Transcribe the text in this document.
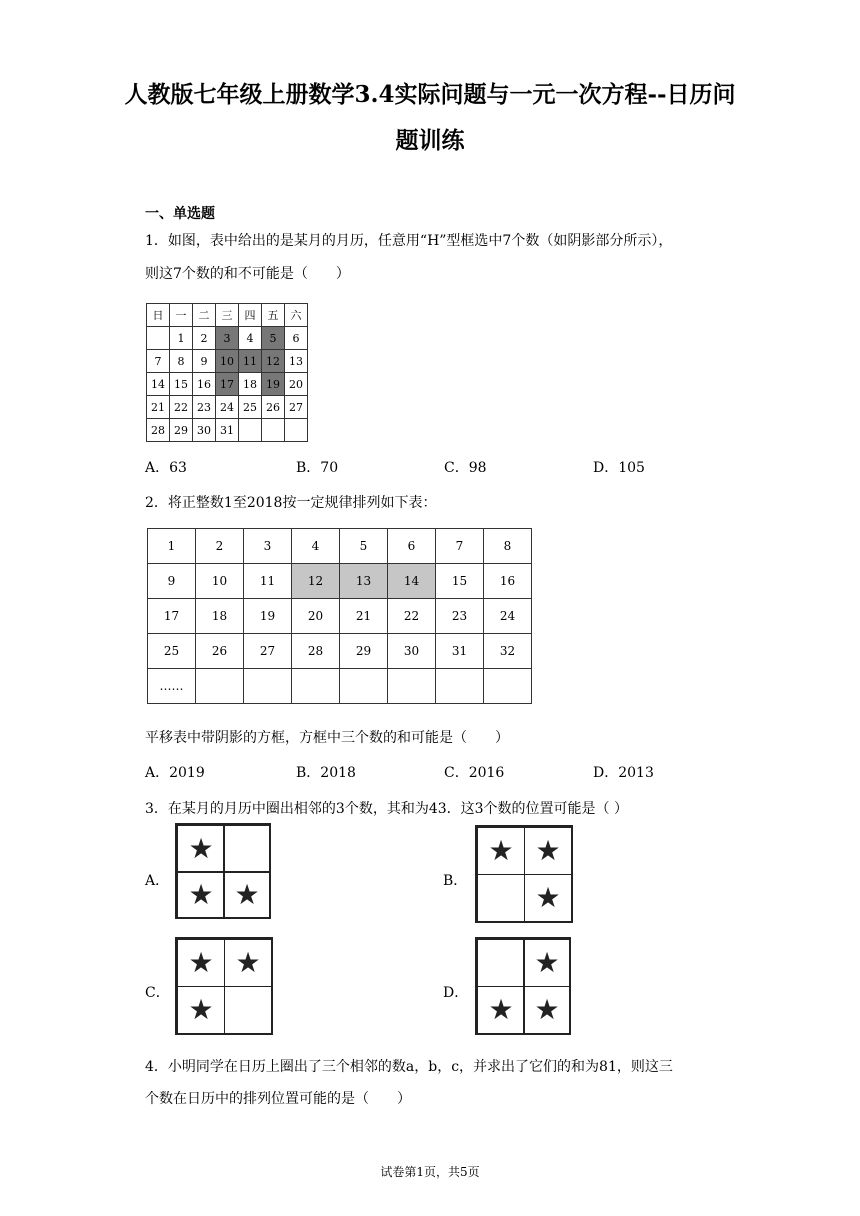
人教版七年级上册数学3.4实际问题与一元一次方程--日历问
题训练
一、单选题
1．如图，表中给出的是某月的月历，任意用“H”型框选中7个数（如阴影部分所示），
则这7个数的和不可能是（　　）
日	一	二	三	四	五	六
	1	2	3	4	5	6
7	8	9	10	11	12	13
14	15	16	17	18	19	20
21	22	23	24	25	26	27
28	29	30	31			
A．63	B．70	C．98	D．105
2．将正整数1至2018按一定规律排列如下表：
1	2	3	4	5	6	7	8
9	10	11	12	13	14	15	16
17	18	19	20	21	22	23	24
25	26	27	28	29	30	31	32
……							
平移表中带阴影的方框，方框中三个数的和可能是（　　）
A．2019	B．2018	C．2016	D．2013
3．在某月的月历中圈出相邻的3个数，其和为43．这3个数的位置可能是（ ）
A．
★
★ ★	B．
★ ★
★
C．
★ ★
★	D．
★
★ ★
4．小明同学在日历上圈出了三个相邻的数a，b，c，并求出了它们的和为81，则这三
个数在日历中的排列位置可能的是（　　）
试卷第1页，共5页
